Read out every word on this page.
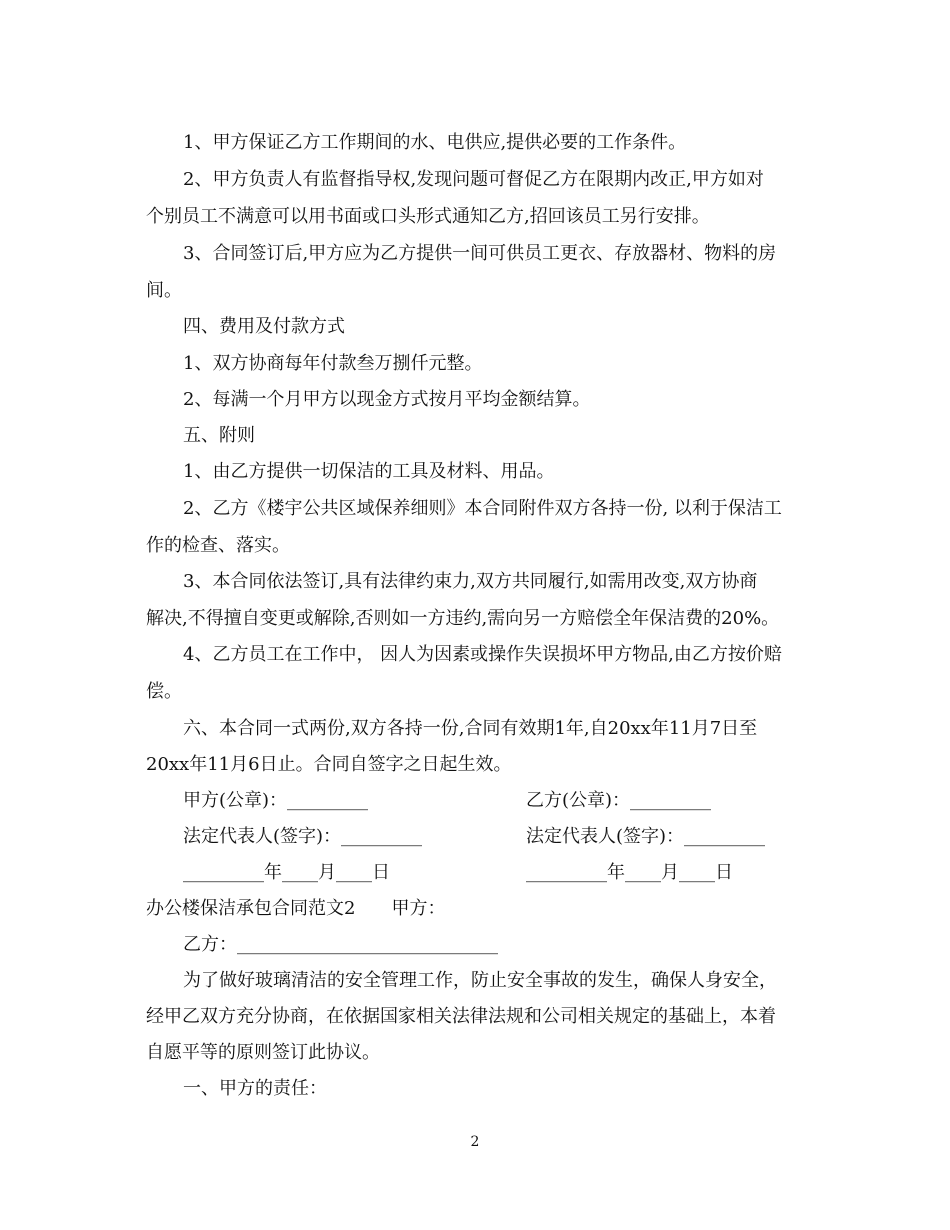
1、甲方保证乙方工作期间的水、电供应,提供必要的工作条件。
2、甲方负责人有监督指导权,发现问题可督促乙方在限期内改正,甲方如对
个别员工不满意可以用书面或口头形式通知乙方,招回该员工另行安排。
3、合同签订后,甲方应为乙方提供一间可供员工更衣、存放器材、物料的房
间。
四、费用及付款方式
1、双方协商每年付款叁万捌仟元整。
2、每满一个月甲方以现金方式按月平均金额结算。
五、附则
1、由乙方提供一切保洁的工具及材料、用品。
2、乙方《楼宇公共区域保养细则》本合同附件双方各持一份, 以利于保洁工
作的检查、落实。
3、本合同依法签订,具有法律约束力,双方共同履行,如需用改变,双方协商
解决,不得擅自变更或解除,否则如一方违约,需向另一方赔偿全年保洁费的20%。
4、乙方员工在工作中， 因人为因素或操作失误损坏甲方物品,由乙方按价赔
偿。
六、本合同一式两份,双方各持一份,合同有效期1年,自20xx年11月7日至
20xx年11月6日止。合同自签字之日起生效。
甲方(公章)：_________	乙方(公章)：_________
法定代表人(签字)：_________	法定代表人(签字)：_________
_________年____月____日	_________年____月____日
办公楼保洁承包合同范文2　　甲方：
乙方：_____________________________
为了做好玻璃清洁的安全管理工作，防止安全事故的发生，确保人身安全，
经甲乙双方充分协商，在依据国家相关法律法规和公司相关规定的基础上，本着
自愿平等的原则签订此协议。
一、甲方的责任：
2
